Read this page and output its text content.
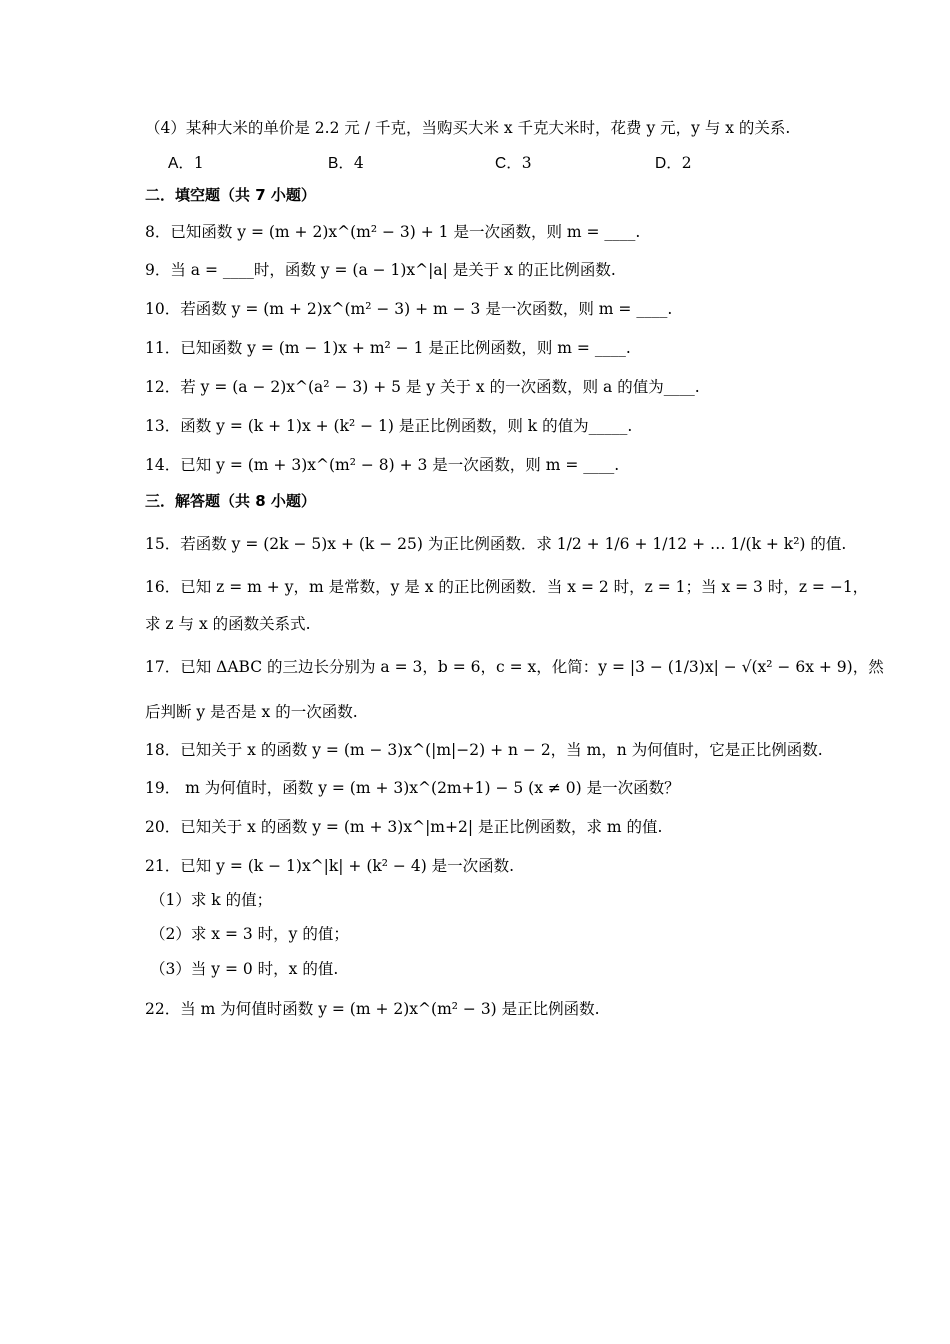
（4）某种大米的单价是 2.2 元 / 千克，当购买大米 x 千克大米时，花费 y 元，y 与 x 的关系.
A．1	B．4	C．3	D．2
二．填空题（共 7 小题）
8．已知函数 y = (m + 2)x^(m² − 3) + 1 是一次函数，则 m = ____.
9．当 a = ____时，函数 y = (a − 1)x^|a| 是关于 x 的正比例函数.
10．若函数 y = (m + 2)x^(m² − 3) + m − 3 是一次函数，则 m = ____.
11．已知函数 y = (m − 1)x + m² − 1 是正比例函数，则 m = ____.
12．若 y = (a − 2)x^(a² − 3) + 5 是 y 关于 x 的一次函数，则 a 的值为____.
13．函数 y = (k + 1)x + (k² − 1) 是正比例函数，则 k 的值为_____.
14．已知 y = (m + 3)x^(m² − 8) + 3 是一次函数，则 m = ____.
三．解答题（共 8 小题）
15．若函数 y = (2k − 5)x + (k − 25) 为正比例函数．求 1/2 + 1/6 + 1/12 + … 1/(k + k²) 的值.
16．已知 z = m + y，m 是常数，y 是 x 的正比例函数．当 x = 2 时，z = 1；当 x = 3 时，z = −1，
求 z 与 x 的函数关系式.
17．已知 ΔABC 的三边长分别为 a = 3，b = 6，c = x，化简：y = |3 − (1/3)x| − √(x² − 6x + 9)，然
后判断 y 是否是 x 的一次函数.
18．已知关于 x 的函数 y = (m − 3)x^(|m|−2) + n − 2，当 m，n 为何值时，它是正比例函数.
19． m 为何值时，函数 y = (m + 3)x^(2m+1) − 5 (x ≠ 0) 是一次函数？
20．已知关于 x 的函数 y = (m + 3)x^|m+2| 是正比例函数，求 m 的值.
21．已知 y = (k − 1)x^|k| + (k² − 4) 是一次函数.
（1）求 k 的值；
（2）求 x = 3 时，y 的值；
（3）当 y = 0 时，x 的值.
22．当 m 为何值时函数 y = (m + 2)x^(m² − 3) 是正比例函数.
